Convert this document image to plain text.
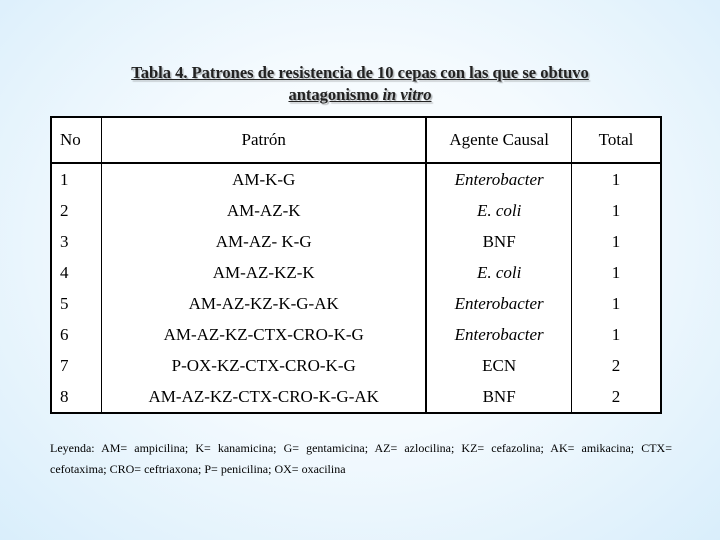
Tabla 4. Patrones de resistencia de 10 cepas con las que se obtuvo
antagonismo in vitro
No	Patrón	Agente Causal	Total
1	AM-K-G	Enterobacter	1
2	AM-AZ-K	E. coli	1
3	AM-AZ- K-G	BNF	1
4	AM-AZ-KZ-K	E. coli	1
5	AM-AZ-KZ-K-G-AK	Enterobacter	1
6	AM-AZ-KZ-CTX-CRO-K-G	Enterobacter	1
7	P-OX-KZ-CTX-CRO-K-G	ECN	2
8	AM-AZ-KZ-CTX-CRO-K-G-AK	BNF	2
Leyenda: AM= ampicilina; K= kanamicina; G= gentamicina; AZ= azlocilina; KZ= cefazolina; AK= amikacina; CTX= cefotaxima; CRO= ceftriaxona; P= penicilina; OX= oxacilina
